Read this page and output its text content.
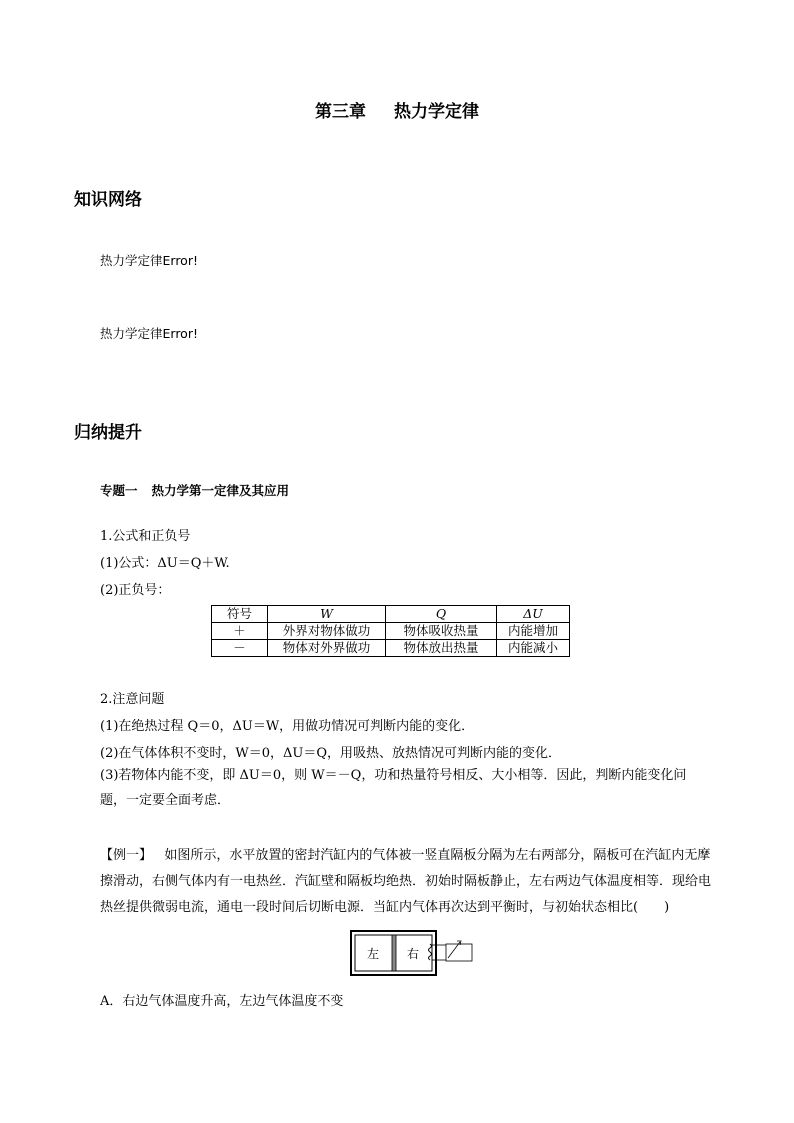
第三章 热力学定律
知识网络
热力学定律Error!
热力学定律Error!
归纳提升
专题一 热力学第一定律及其应用
1.公式和正负号
(1)公式：ΔU＝Q＋W.
(2)正负号：
符号	W	Q	ΔU
＋	外界对物体做功	物体吸收热量	内能增加
－	物体对外界做功	物体放出热量	内能减小
2.注意问题
(1)在绝热过程 Q＝0，ΔU＝W，用做功情况可判断内能的变化．
(2)在气体体积不变时，W＝0，ΔU＝Q，用吸热、放热情况可判断内能的变化．
(3)若物体内能不变，即 ΔU＝0，则 W＝－Q，功和热量符号相反、大小相等．因此，判断内能变化问题，一定要全面考虑．
【例一】 如图所示，水平放置的密封汽缸内的气体被一竖直隔板分隔为左右两部分，隔板可在汽缸内无摩擦滑动，右侧气体内有一电热丝．汽缸壁和隔板均绝热．初始时隔板静止，左右两边气体温度相等．现给电热丝提供微弱电流，通电一段时间后切断电源．当缸内气体再次达到平衡时，与初始状态相比(　　)
左 右
A．右边气体温度升高，左边气体温度不变
